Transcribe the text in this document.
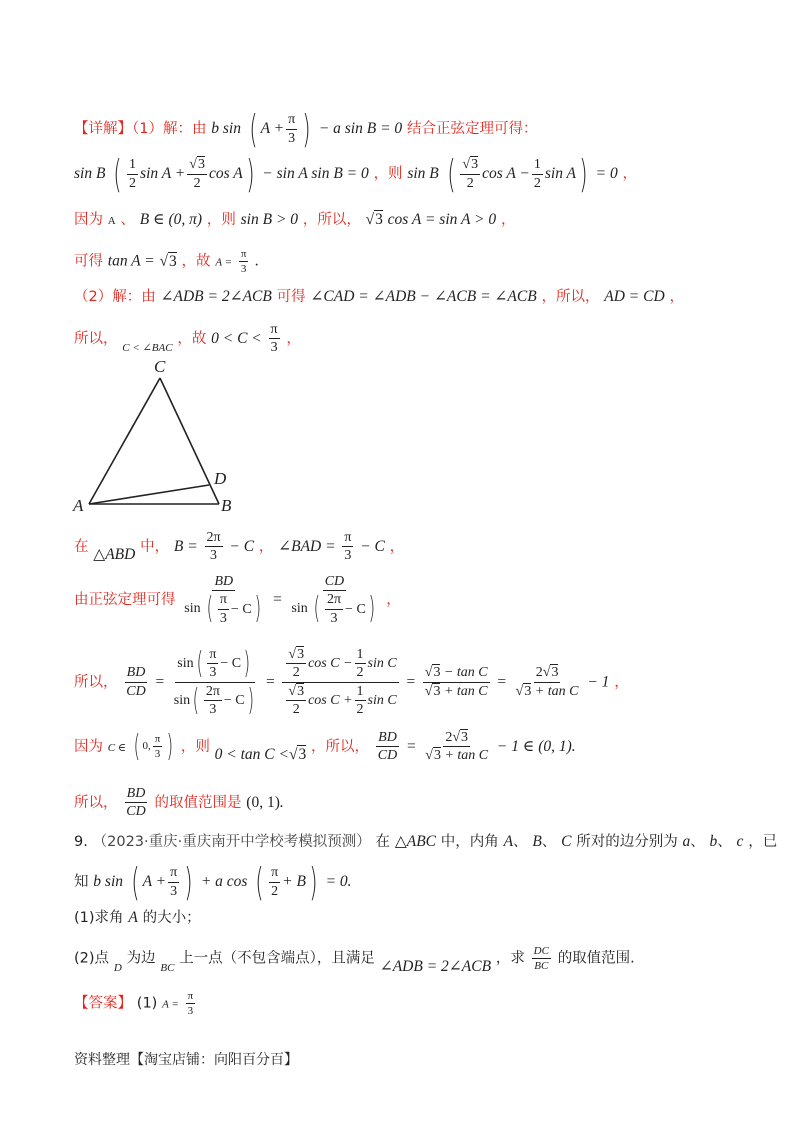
【详解】（1）解：由 b sin ( $A + \frac{\pi}{3}$ ) − a sin B = 0 结合正弦定理可得：
sin B ( $\frac{1}{2}$ $\sin A + \frac{√3}{2}$ cos A ) − sin A sin B = 0 ，则 sin B ( $\frac{√3}{2}$ $\cos A - \frac{1}{2}$ sin A ) = 0 ，
因为 A 、 B ∈ (0, π) ，则 sin B > 0 ，所以， √3 cos A = sin A > 0 ，
可得 tan A = √3 ，故 $A = \frac{\pi}{3}$ .
（2）解：由 ∠ADB = 2∠ACB 可得 ∠CAD = ∠ADB − ∠ACB = ∠ACB ，所以， AD = CD ，
所以， $_{C < \angle BAC}$ ，故 $0 < C < \frac{\pi}{3}$ ，
C
D
A	B
在 △ABD 中， $B = \frac{2\pi}{3} - C$ ， ∠BAD = $\frac{\pi}{3} - C$ ，
由正弦定理可得 $\frac{BD}{\sin ( \frac{\pi}{3} - C )} = \frac{CD}{\sin ( \frac{2\pi}{3} - C )}$ ，
所以， $\frac{BD}{CD} = \frac{\sin ( \frac{\pi}{3} - C )}{\sin ( \frac{2\pi}{3} - C )} = \frac{\frac{√3}{2} \cos C - \frac{1}{2} \sin C}{\frac{√3}{2} \cos C + \frac{1}{2} \sin C} = \frac{\text{√3 − tan C}}{\text{√3 + tan C}} = \frac{2√3}{\text{√3 + tan C}} - 1$ ，
因为 C ∈ ( 0, $\frac{\pi}{3}$ ) ，则 0 < tan C <√3 ，所以， $\frac{BD}{CD} = \frac{2√3}{\text{√3 + tan C}} - 1$ ∈ (0, 1).
所以， $\frac{BD}{CD}$ 的取值范围是 (0, 1).
9. （2023·重庆·重庆南开中学校考模拟预测） 在 △ABC 中，内角 A、 B、 C 所对的边分别为 a、 b、 c ，已
知 b sin ( $A + \frac{\pi}{3}$ ) + a cos ( $\frac{\pi}{2} + B$ ) = 0.
(1)求角 A 的大小；
(2)点 $_D$ 为边 $_{BC}$ 上一点（不包含端点），且满足 ∠ADB = 2∠ACB ，求 $\frac{DC}{BC}$ 的取值范围.
【答案】 (1) $A = \frac{\pi}{3}$
资料整理【淘宝店铺：向阳百分百】
